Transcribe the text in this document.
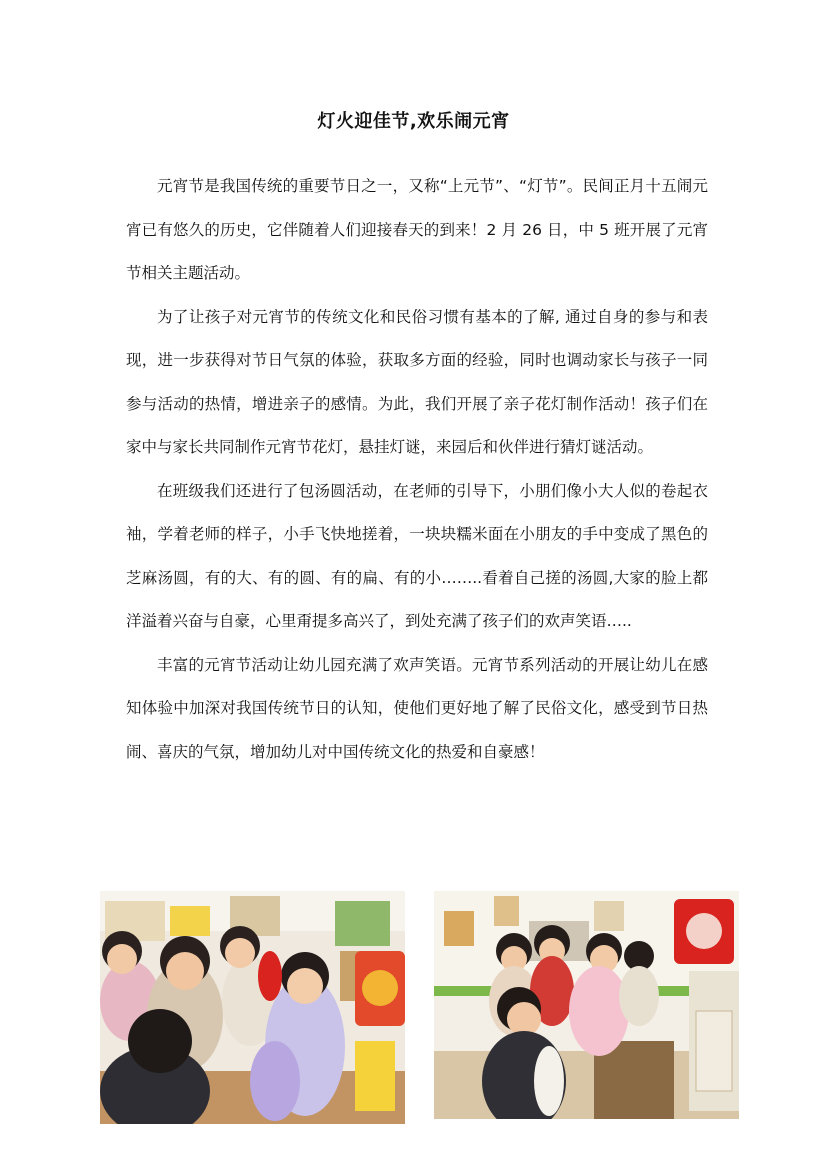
灯火迎佳节,欢乐闹元宵

元宵节是我国传统的重要节日之一，又称“上元节”、“灯节”。民间正月十五闹元宵已有悠久的历史，它伴随着人们迎接春天的到来！2 月 26 日，中 5 班开展了元宵节相关主题活动。

为了让孩子对元宵节的传统文化和民俗习惯有基本的了解, 通过自身的参与和表现，进一步获得对节日气氛的体验，获取多方面的经验，同时也调动家长与孩子一同参与活动的热情，增进亲子的感情。为此，我们开展了亲子花灯制作活动！孩子们在家中与家长共同制作元宵节花灯，悬挂灯谜，来园后和伙伴进行猜灯谜活动。

在班级我们还进行了包汤圆活动，在老师的引导下，小朋们像小大人似的卷起衣袖，学着老师的样子，小手飞快地搓着，一块块糯米面在小朋友的手中变成了黑色的芝麻汤圆，有的大、有的圆、有的扁、有的小……..看着自己搓的汤圆,大家的脸上都洋溢着兴奋与自豪，心里甭提多高兴了，到处充满了孩子们的欢声笑语…..

丰富的元宵节活动让幼儿园充满了欢声笑语。元宵节系列活动的开展让幼儿在感知体验中加深对我国传统节日的认知，使他们更好地了解了民俗文化，感受到节日热闹、喜庆的气氛，增加幼儿对中国传统文化的热爱和自豪感！
